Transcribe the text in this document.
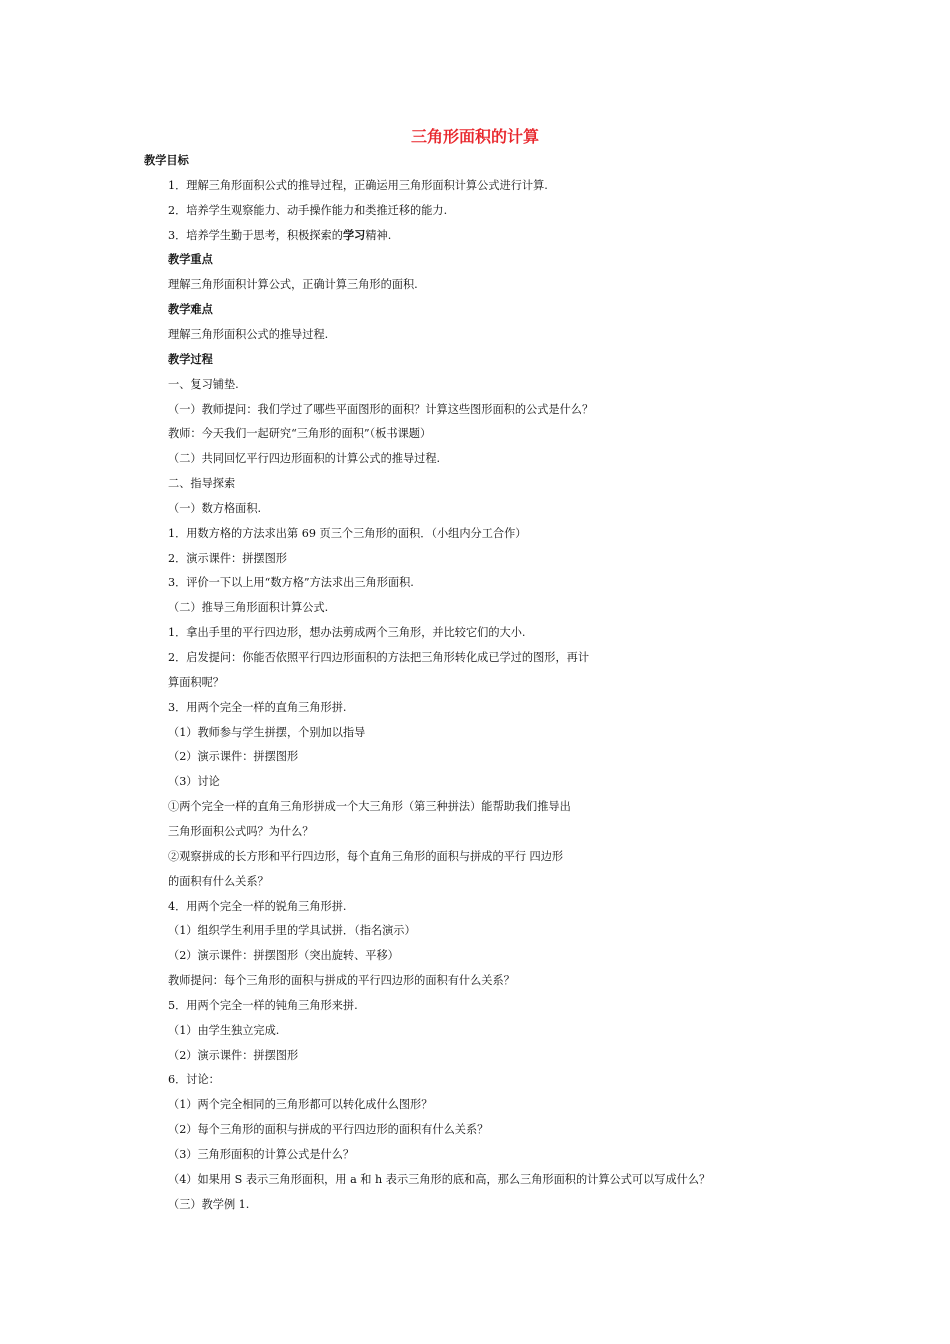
三角形面积的计算
教学目标
1．理解三角形面积公式的推导过程，正确运用三角形面积计算公式进行计算.
2．培养学生观察能力、动手操作能力和类推迁移的能力.
3．培养学生勤于思考，积极探索的学习精神.
教学重点
理解三角形面积计算公式，正确计算三角形的面积.
教学难点
理解三角形面积公式的推导过程.
教学过程
一、复习铺垫.
（一）教师提问：我们学过了哪些平面图形的面积？计算这些图形面积的公式是什么？
教师：今天我们一起研究“三角形的面积”（板书课题）
（二）共同回忆平行四边形面积的计算公式的推导过程.
二、指导探索
（一）数方格面积.
1．用数方格的方法求出第 69 页三个三角形的面积．（小组内分工合作）
2．演示课件：拼摆图形
3．评价一下以上用“数方格”方法求出三角形面积.
（二）推导三角形面积计算公式.
1．拿出手里的平行四边形，想办法剪成两个三角形，并比较它们的大小.
2．启发提问：你能否依照平行四边形面积的方法把三角形转化成已学过的图形，再计
算面积呢？
3．用两个完全一样的直角三角形拼.
（1）教师参与学生拼摆，个别加以指导
（2）演示课件：拼摆图形
（3）讨论
①两个完全一样的直角三角形拼成一个大三角形（第三种拼法）能帮助我们推导出
三角形面积公式吗？为什么？
②观察拼成的长方形和平行四边形，每个直角三角形的面积与拼成的平行 四边形
的面积有什么关系？
4．用两个完全一样的锐角三角形拼.
（1）组织学生利用手里的学具试拼．（指名演示）
（2）演示课件：拼摆图形（突出旋转、平移）
教师提问：每个三角形的面积与拼成的平行四边形的面积有什么关系？
5．用两个完全一样的钝角三角形来拼.
（1）由学生独立完成.
（2）演示课件：拼摆图形
6．讨论：
（1）两个完全相同的三角形都可以转化成什么图形？
（2）每个三角形的面积与拼成的平行四边形的面积有什么关系？
（3）三角形面积的计算公式是什么？
（4）如果用 S 表示三角形面积，用 a 和 h 表示三角形的底和高，那么三角形面积的计算公式可以写成什么？
（三）教学例 1.
